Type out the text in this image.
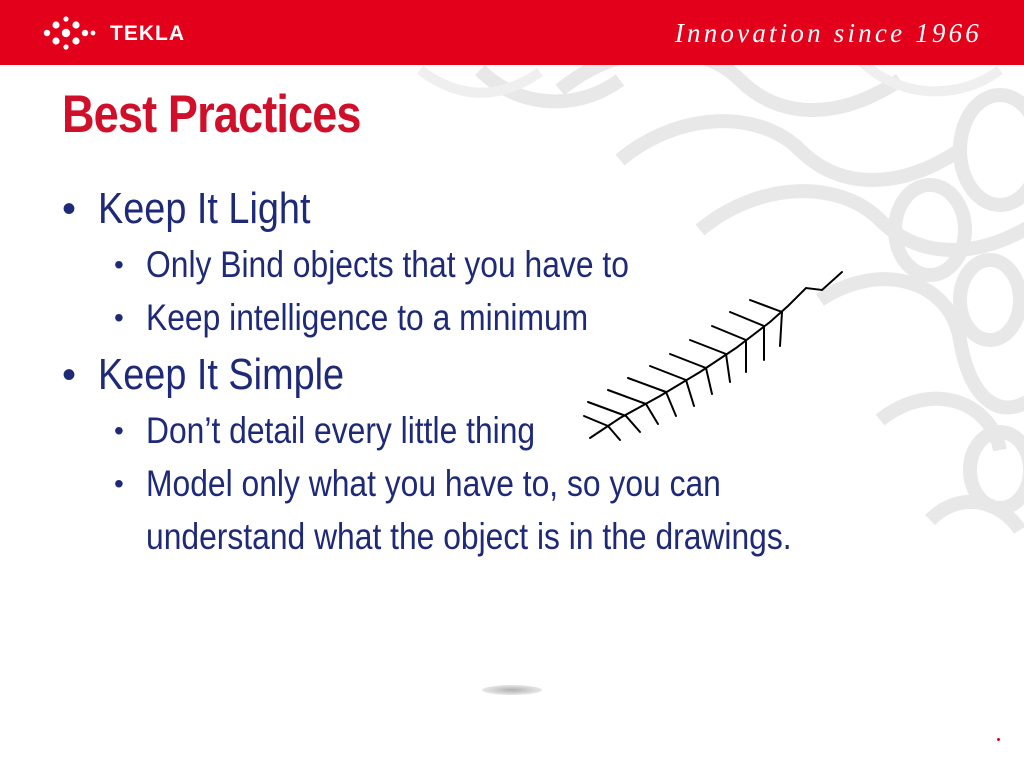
TEKLA	Innovation since 1966
Best Practices
• Keep It Light
• Only Bind objects that you have to
• Keep intelligence to a minimum
• Keep It Simple
• Don’t detail every little thing
• Model only what you have to, so you can understand what the object is in the drawings.
